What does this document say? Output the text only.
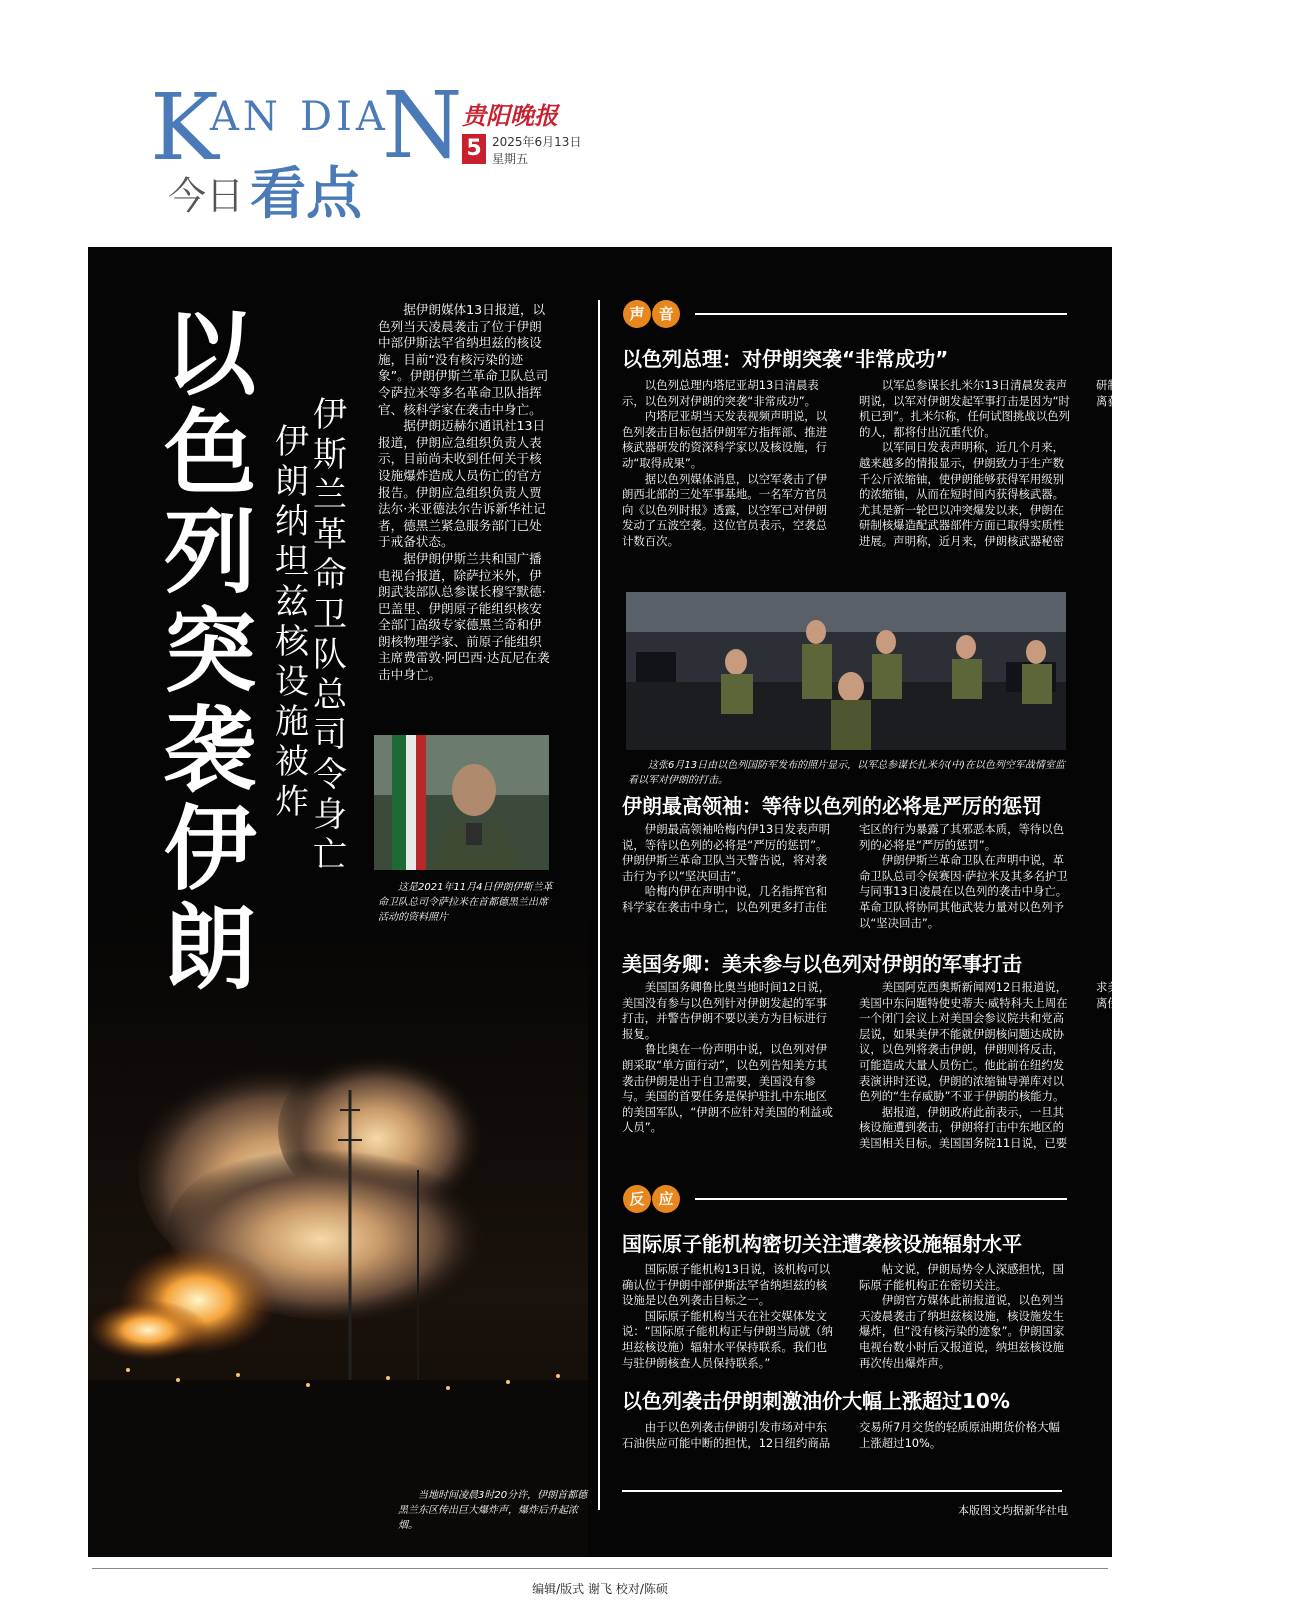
K
AN DIA
N
今日 看点
贵阳晚报
5 2025年6月13日
星期五
以
色
列
突
袭
伊
朗
伊
斯
兰
革
命
卫
队
总
司
令
身
亡
伊
朗
纳
坦
兹
核
设
施
被
炸

据伊朗媒体13日报道，以色列当天凌晨袭击了位于伊朗中部伊斯法罕省纳坦兹的核设施，目前“没有核污染的迹象”。伊朗伊斯兰革命卫队总司令萨拉米等多名革命卫队指挥官、核科学家在袭击中身亡。

据伊朗迈赫尔通讯社13日报道，伊朗应急组织负责人表示，目前尚未收到任何关于核设施爆炸造成人员伤亡的官方报告。伊朗应急组织负责人贾法尔·米亚德法尔告诉新华社记者，德黑兰紧急服务部门已处于戒备状态。

据伊朗伊斯兰共和国广播电视台报道，除萨拉米外，伊朗武装部队总参谋长穆罕默德·巴盖里、伊朗原子能组织核安全部门高级专家德黑兰奇和伊朗核物理学家、前原子能组织主席费雷敦·阿巴西·达瓦尼在袭击中身亡。

这是2021年11月4日伊朗伊斯兰革命卫队总司令萨拉米在首都德黑兰出席活动的资料照片
当地时间凌晨3时20分许，伊朗首都德黑兰东区传出巨大爆炸声，爆炸后升起浓烟。
声 音
以色列总理：对伊朗突袭“非常成功”

以色列总理内塔尼亚胡13日清晨表示，以色列对伊朗的突袭“非常成功”。

内塔尼亚胡当天发表视频声明说，以色列袭击目标包括伊朗军方指挥部、推进核武器研发的资深科学家以及核设施，行动“取得成果”。

据以色列媒体消息，以空军袭击了伊朗西北部的三处军事基地。一名军方官员向《以色列时报》透露，以空军已对伊朗发动了五波空袭。这位官员表示，空袭总计数百次。

以军总参谋长扎米尔13日清晨发表声明说，以军对伊朗发起军事打击是因为“时机已到”。扎米尔称，任何试图挑战以色列的人，都将付出沉重代价。

以军同日发表声明称，近几个月来，越来越多的情报显示，伊朗致力于生产数千公斤浓缩铀，使伊朗能够获得军用级别的浓缩铀，从而在短时间内获得核武器。尤其是新一轮巴以冲突爆发以来，伊朗在研制核爆造配武器部件方面已取得实质性进展。声明称，近月来，伊朗核武器秘密研制计划“推进速度显著加快”，使伊朗距离获取核武器的目标“大幅接近”。

这张6月13日由以色列国防军发布的照片显示，以军总参谋长扎米尔(中)在以色列空军战情室监看以军对伊朗的打击。
伊朗最高领袖：等待以色列的必将是严厉的惩罚

伊朗最高领袖哈梅内伊13日发表声明说，等待以色列的必将是“严厉的惩罚”。伊朗伊斯兰革命卫队当天警告说，将对袭击行为予以“坚决回击”。

哈梅内伊在声明中说，几名指挥官和科学家在袭击中身亡，以色列更多打击住宅区的行为暴露了其邪恶本质，等待以色列的必将是“严厉的惩罚”。

伊朗伊斯兰革命卫队在声明中说，革命卫队总司令侯赛因·萨拉米及其多名护卫与同事13日凌晨在以色列的袭击中身亡。革命卫队将协同其他武装力量对以色列予以“坚决回击”。

美国务卿：美未参与以色列对伊朗的军事打击

美国国务卿鲁比奥当地时间12日说，美国没有参与以色列针对伊朗发起的军事打击，并警告伊朗不要以美方为目标进行报复。

鲁比奥在一份声明中说，以色列对伊朗采取“单方面行动”，以色列告知美方其袭击伊朗是出于自卫需要，美国没有参与。美国的首要任务是保护驻扎中东地区的美国军队，“伊朗不应针对美国的利益或人员”。

美国阿克西奥斯新闻网12日报道说，美国中东问题特使史蒂夫·威特科夫上周在一个闭门会议上对美国会参议院共和党高层说，如果美伊不能就伊朗核问题达成协议，以色列将袭击伊朗，伊朗则将反击，可能造成大量人员伤亡。他此前在纽约发表演讲时还说，伊朗的浓缩铀导弹库对以色列的“生存威胁”不亚于伊朗的核能力。

据报道，伊朗政府此前表示，一旦其核设施遭到袭击，伊朗将打击中东地区的美国相关目标。美国国务院11日说，已要求美国驻伊拉克使馆非必要人员及家属撤离伊拉克。

反 应
国际原子能机构密切关注遭袭核设施辐射水平

国际原子能机构13日说，该机构可以确认位于伊朗中部伊斯法罕省纳坦兹的核设施是以色列袭击目标之一。

国际原子能机构当天在社交媒体发文说：“国际原子能机构正与伊朗当局就（纳坦兹核设施）辐射水平保持联系。我们也与驻伊朗核查人员保持联系。”

帖文说，伊朗局势令人深感担忧，国际原子能机构正在密切关注。

伊朗官方媒体此前报道说，以色列当天凌晨袭击了纳坦兹核设施，核设施发生爆炸，但“没有核污染的迹象”。伊朗国家电视台数小时后又报道说，纳坦兹核设施再次传出爆炸声。

以色列袭击伊朗刺激油价大幅上涨超过10%

由于以色列袭击伊朗引发市场对中东石油供应可能中断的担忧，12日纽约商品交易所7月交货的轻质原油期货价格大幅上涨超过10%。

本版图文均据新华社电
编辑/版式 谢飞 校对/陈硕
